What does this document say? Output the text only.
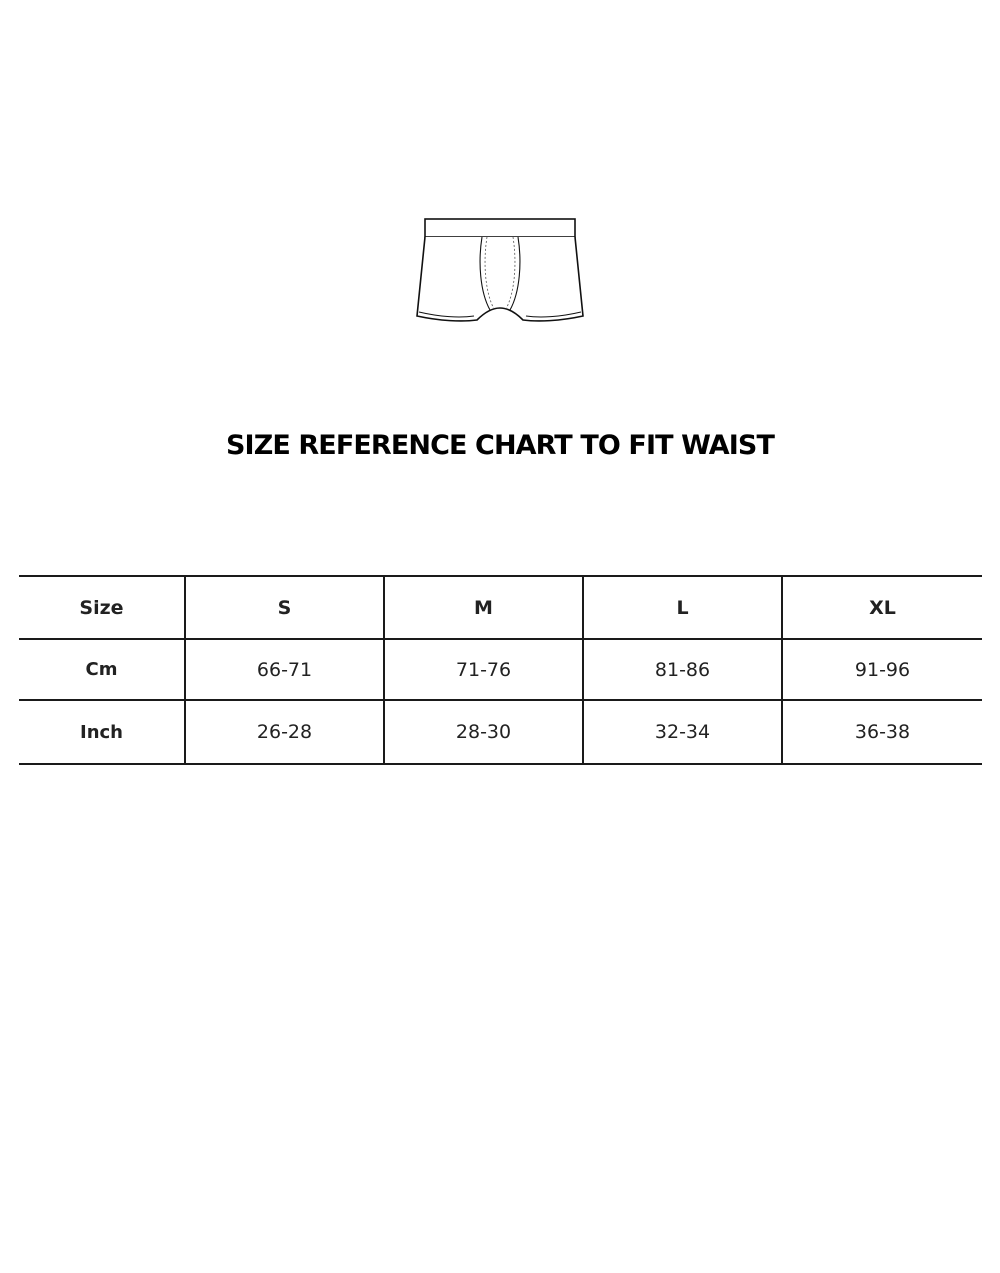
SIZE REFERENCE CHART TO FIT WAIST
Size	S	M	L	XL
Cm	66-71	71-76	81-86	91-96
Inch	26-28	28-30	32-34	36-38
